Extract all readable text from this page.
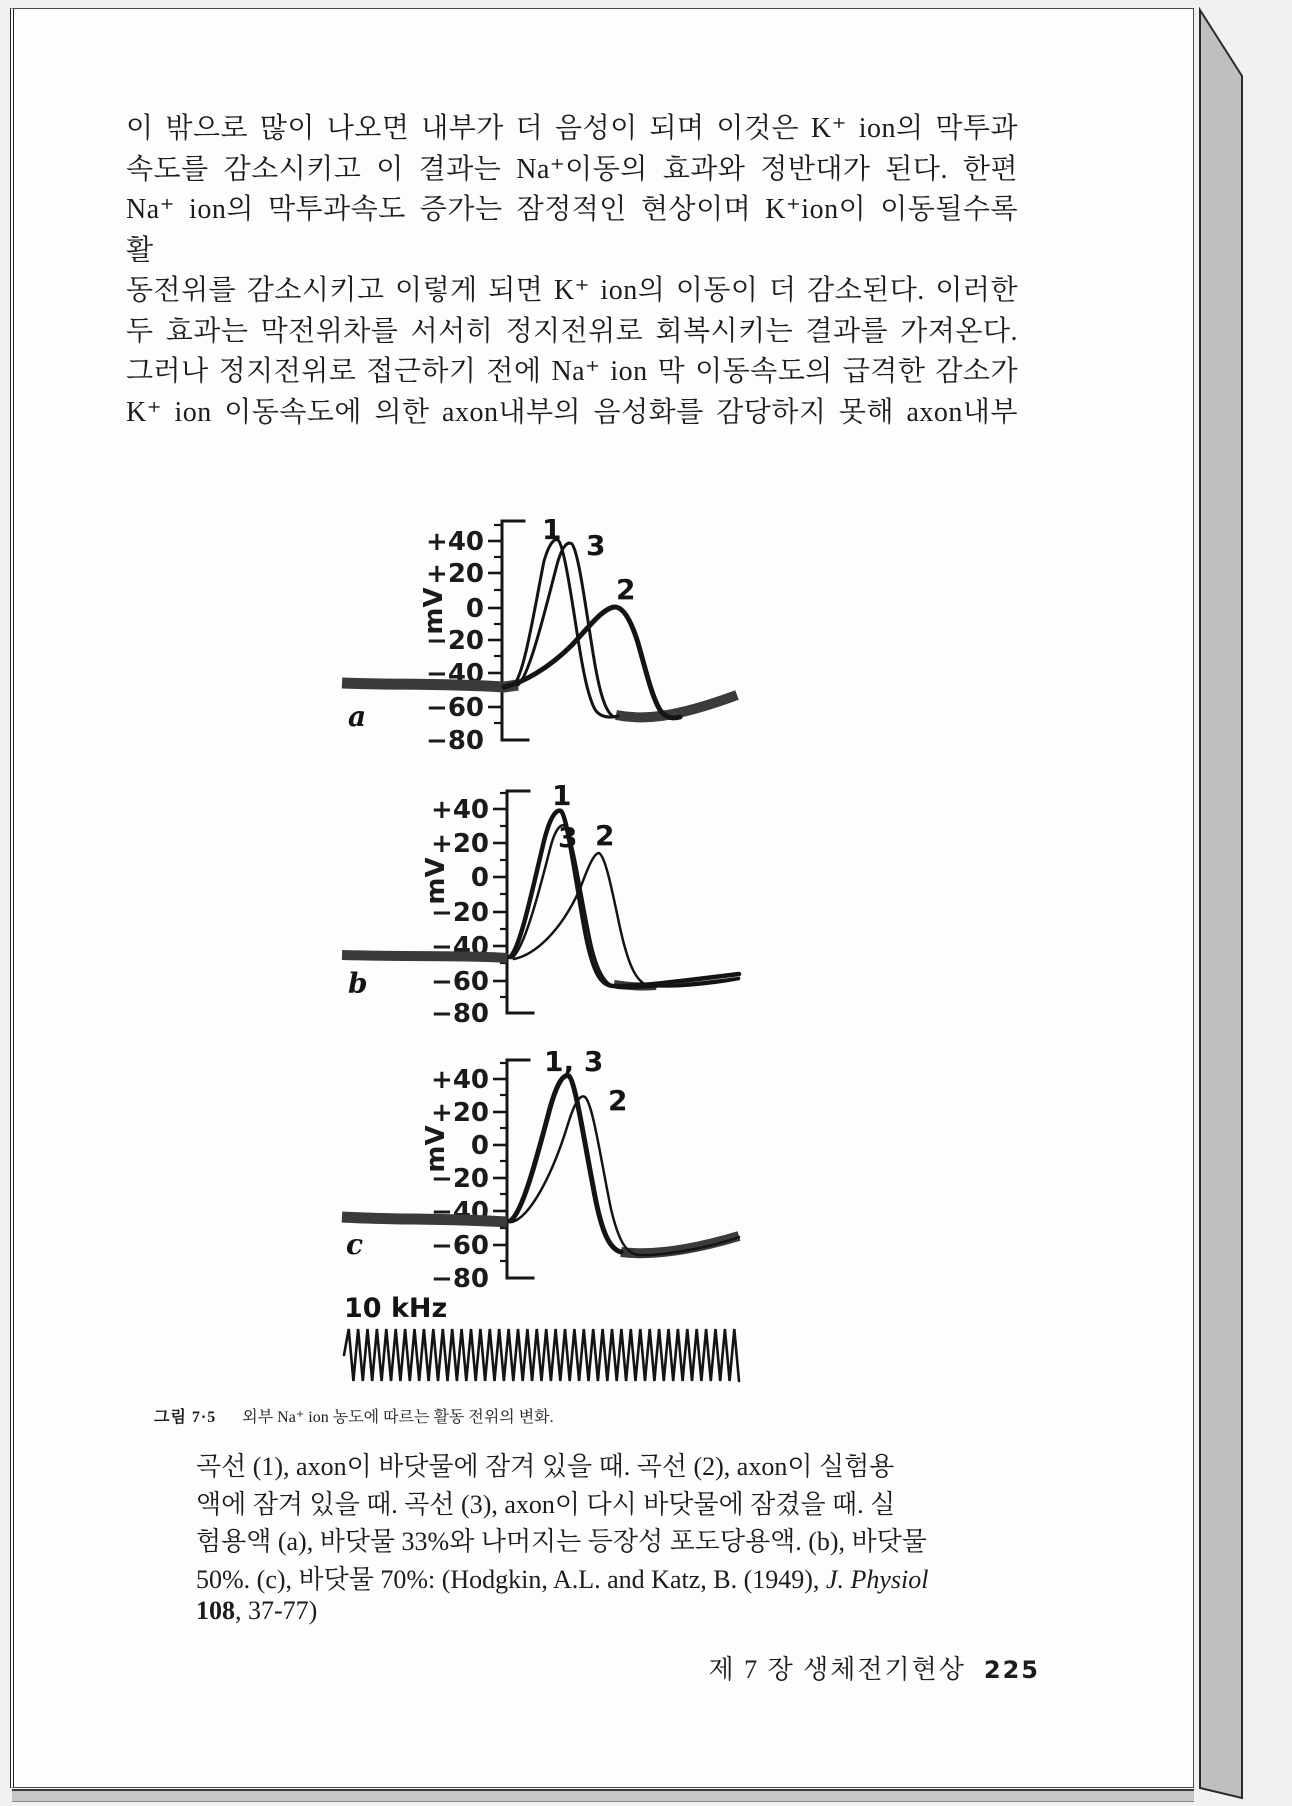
이 밖으로 많이 나오면 내부가 더 음성이 되며 이것은 K⁺ ion의 막투과
속도를 감소시키고 이 결과는 Na⁺이동의 효과와 정반대가 된다. 한편
Na⁺ ion의 막투과속도 증가는 잠정적인 현상이며 K⁺ion이 이동될수록 활
동전위를 감소시키고 이렇게 되면 K⁺ ion의 이동이 더 감소된다. 이러한
두 효과는 막전위차를 서서히 정지전위로 회복시키는 결과를 가져온다.
그러나 정지전위로 접근하기 전에 Na⁺ ion 막 이동속도의 급격한 감소가
K⁺ ion 이동속도에 의한 axon내부의 음성화를 감당하지 못해 axon내부
+40
+20
0
−20
−40
−60
−80
mV
1 3
2
a
+40
+20
0
−20
−40
−60
−80
mV
1
3 2
b
+40
+20
0
−20
−40
−60
−80
mV
1, 3
2
c
10 kHz
그림 7·5 외부 Na⁺ ion 농도에 따르는 활동 전위의 변화.
곡선 (1), axon이 바닷물에 잠겨 있을 때. 곡선 (2), axon이 실험용
액에 잠겨 있을 때. 곡선 (3), axon이 다시 바닷물에 잠겼을 때. 실
험용액 (a), 바닷물 33%와 나머지는 등장성 포도당용액. (b), 바닷물
50%. (c), 바닷물 70%: (Hodgkin, A.L. and Katz, B. (1949), J. Physiol
108, 37-77)
제 7 장 생체전기현상 225
